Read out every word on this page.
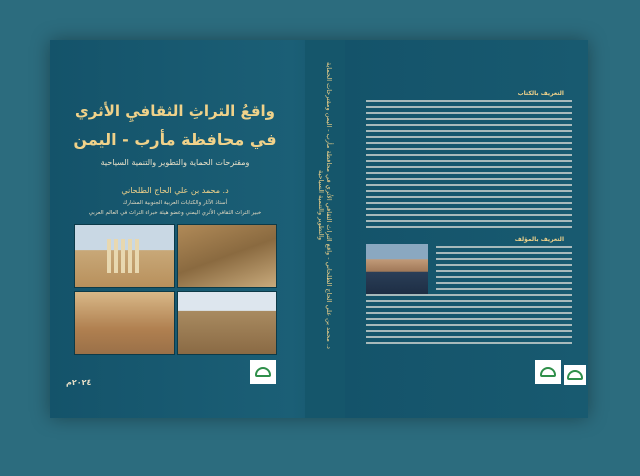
واقعُ التراثِ الثقافيِ الأثري
في محافظة مأرب - اليمن
ومقترحات الحماية والتطوير والتنمية السياحية
د. محمد بن علي الحاج الطلحاني
أستاذ الآثار والكتابات العربية الجنوبية المشارك
خبير التراث الثقافي الأثري اليمني وعضو هيئة خبراء التراث في العالم العربي
٢٠٢٤م
د. محمد بن علي الحاج الطلحاني - واقع التراث الثقافي الأثري في محافظة مأرب - اليمن ومقترحات الحماية والتطوير والتنمية السياحية
التعريف بالكتاب
التعريف بالمؤلف
